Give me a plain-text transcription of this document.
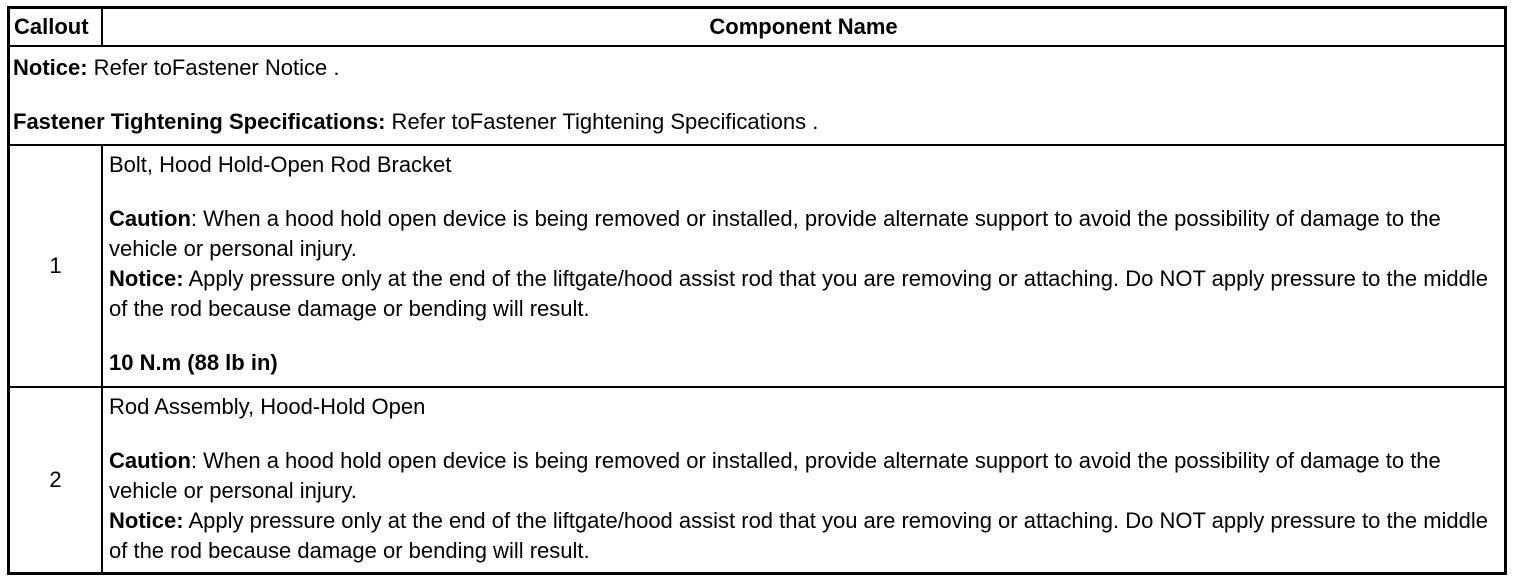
Callout	Component Name

Notice: Refer toFastener Notice .

Fastener Tightening Specifications: Refer toFastener Tightening Specifications .

1

Bolt, Hood Hold-Open Rod Bracket

Caution: When a hood hold open device is being removed or installed, provide alternate support to avoid the possibility of damage to the vehicle or personal injury.

Notice: Apply pressure only at the end of the liftgate/hood assist rod that you are removing or attaching. Do NOT apply pressure to the middle of the rod because damage or bending will result.

10 N.m (88 lb in)

2

Rod Assembly, Hood-Hold Open

Caution: When a hood hold open device is being removed or installed, provide alternate support to avoid the possibility of damage to the vehicle or personal injury.

Notice: Apply pressure only at the end of the liftgate/hood assist rod that you are removing or attaching. Do NOT apply pressure to the middle of the rod because damage or bending will result.
